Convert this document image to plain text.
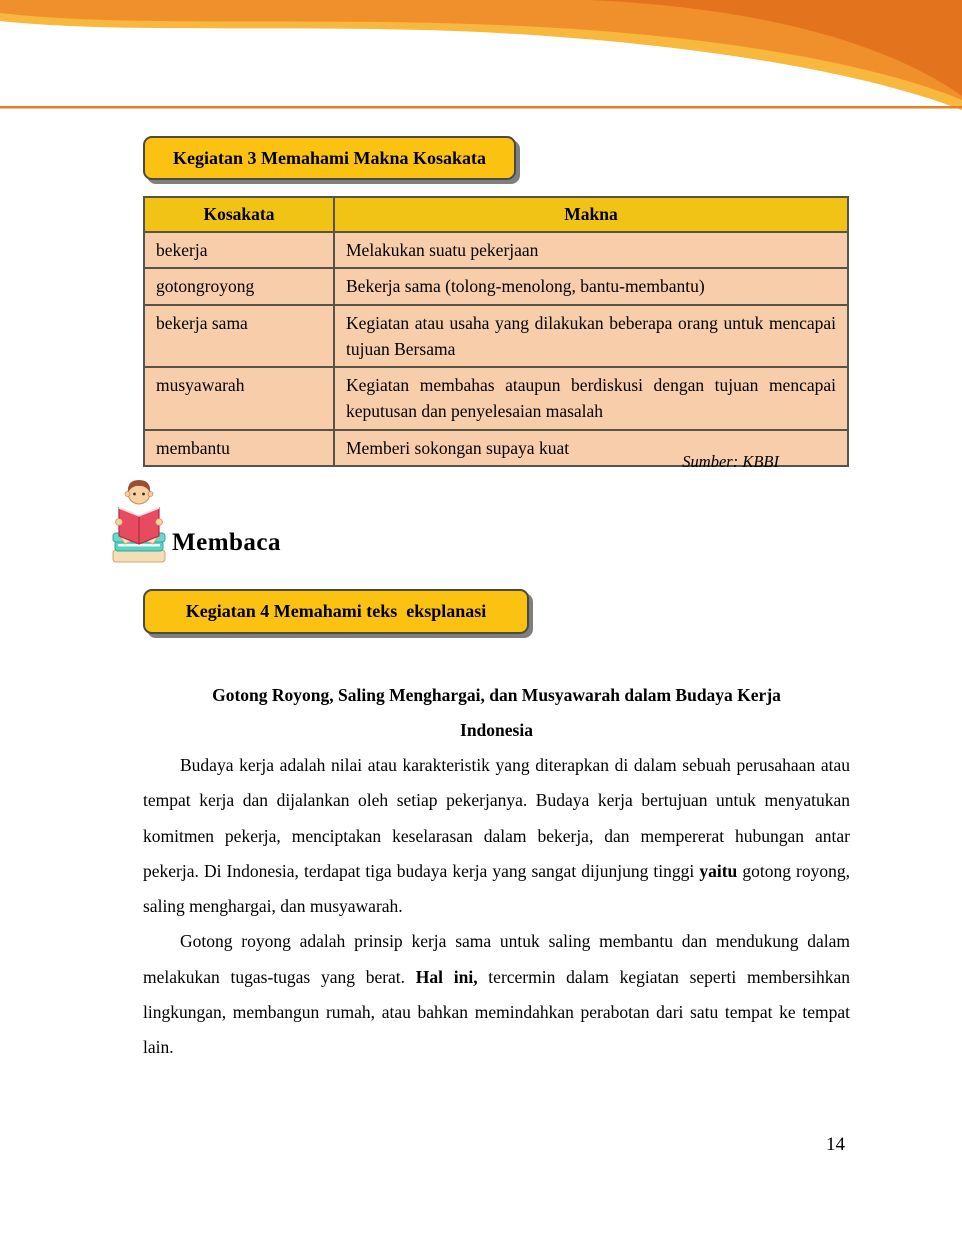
Kegiatan 3 Memahami Makna Kosakata
Kosakata	Makna
bekerja	Melakukan suatu pekerjaan
gotongroyong	Bekerja sama (tolong-menolong, bantu-membantu)
bekerja sama	Kegiatan atau usaha yang dilakukan beberapa orang untuk mencapai tujuan Bersama
musyawarah	Kegiatan membahas ataupun berdiskusi dengan tujuan mencapai keputusan dan penyelesaian masalah
membantu	Memberi sokongan supaya kuat
Sumber: KBBI
Membaca
Kegiatan 4 Memahami teks  eksplanasi
Gotong Royong, Saling Menghargai, dan Musyawarah dalam Budaya Kerja
Indonesia

Budaya kerja adalah nilai atau karakteristik yang diterapkan di dalam sebuah perusahaan atau tempat kerja dan dijalankan oleh setiap pekerjanya. Budaya kerja bertujuan untuk menyatukan komitmen pekerja, menciptakan keselarasan dalam bekerja, dan mempererat hubungan antar pekerja. Di Indonesia, terdapat tiga budaya kerja yang sangat dijunjung tinggi yaitu gotong royong, saling menghargai, dan musyawarah.

Gotong royong adalah prinsip kerja sama untuk saling membantu dan mendukung dalam melakukan tugas-tugas yang berat. Hal ini, tercermin dalam kegiatan seperti membersihkan lingkungan, membangun rumah, atau bahkan memindahkan perabotan dari satu tempat ke tempat lain.

14
